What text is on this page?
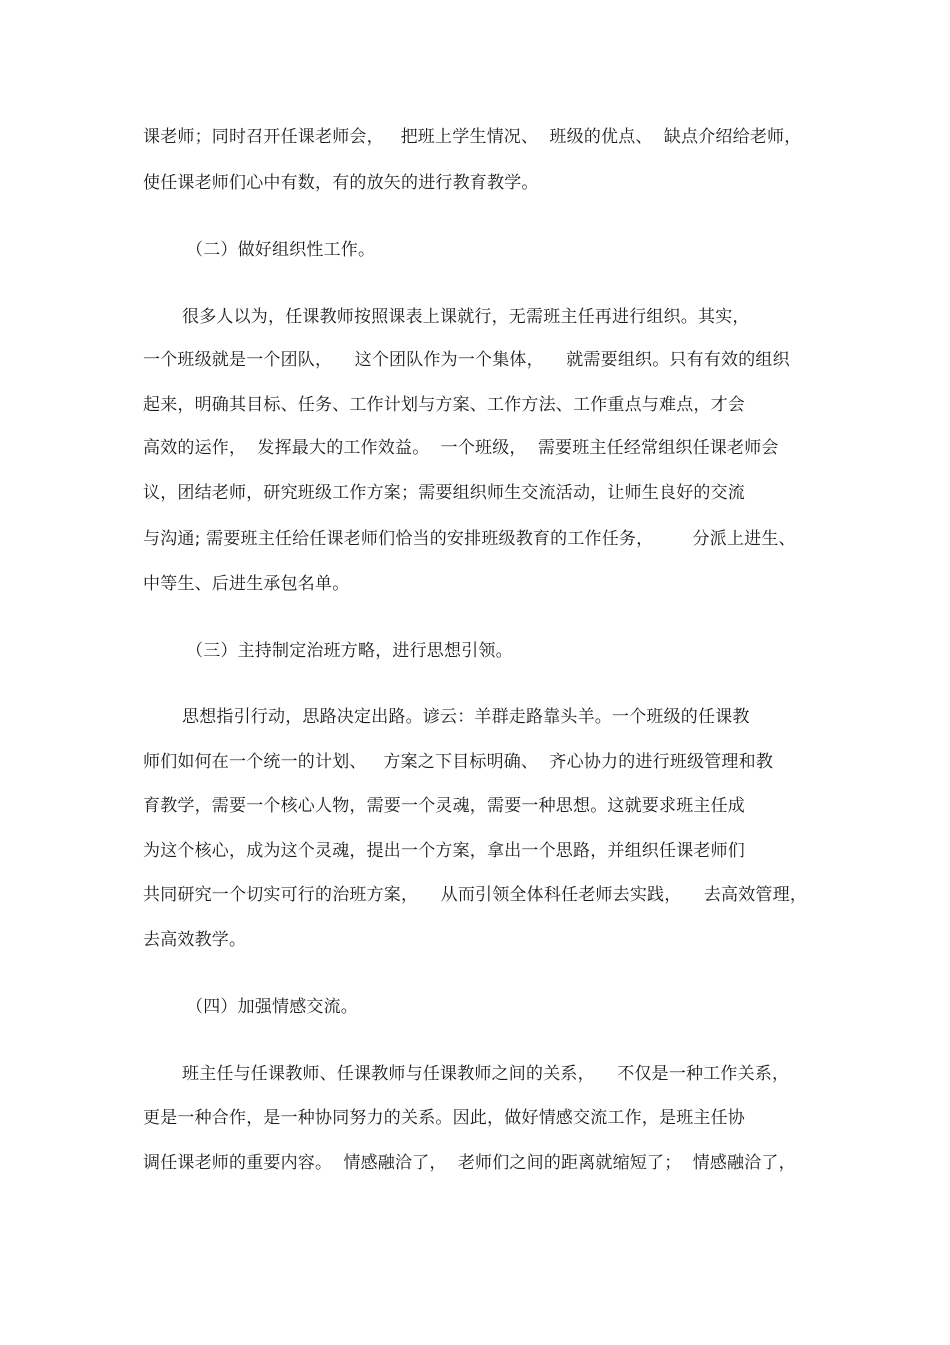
课老师；同时召开任课老师会，   把班上学生情况、  班级的优点、  缺点介绍给老师，
使任课老师们心中有数，有的放矢的进行教育教学。
（二）做好组织性工作。
很多人以为，任课教师按照课表上课就行，无需班主任再进行组织。其实，
一个班级就是一个团队，    这个团队作为一个集体，    就需要组织。只有有效的组织
起来，明确其目标、任务、工作计划与方案、工作方法、工作重点与难点，才会
高效的运作，  发挥最大的工作效益。  一个班级，  需要班主任经常组织任课老师会
议，团结老师，研究班级工作方案；需要组织师生交流活动，让师生良好的交流
与沟通; 需要班主任给任课老师们恰当的安排班级教育的工作任务，       分派上进生、
中等生、后进生承包名单。
（三）主持制定治班方略，进行思想引领。
思想指引行动，思路决定出路。谚云：羊群走路靠头羊。一个班级的任课教
师们如何在一个统一的计划、   方案之下目标明确、  齐心协力的进行班级管理和教
育教学，需要一个核心人物，需要一个灵魂，需要一种思想。这就要求班主任成
为这个核心，成为这个灵魂，提出一个方案，拿出一个思路，并组织任课老师们
共同研究一个切实可行的治班方案，    从而引领全体科任老师去实践，    去高效管理，
去高效教学。
（四）加强情感交流。
班主任与任课教师、任课教师与任课教师之间的关系，    不仅是一种工作关系，
更是一种合作，是一种协同努力的关系。因此，做好情感交流工作，是班主任协
调任课老师的重要内容。  情感融洽了，  老师们之间的距离就缩短了；  情感融洽了，
